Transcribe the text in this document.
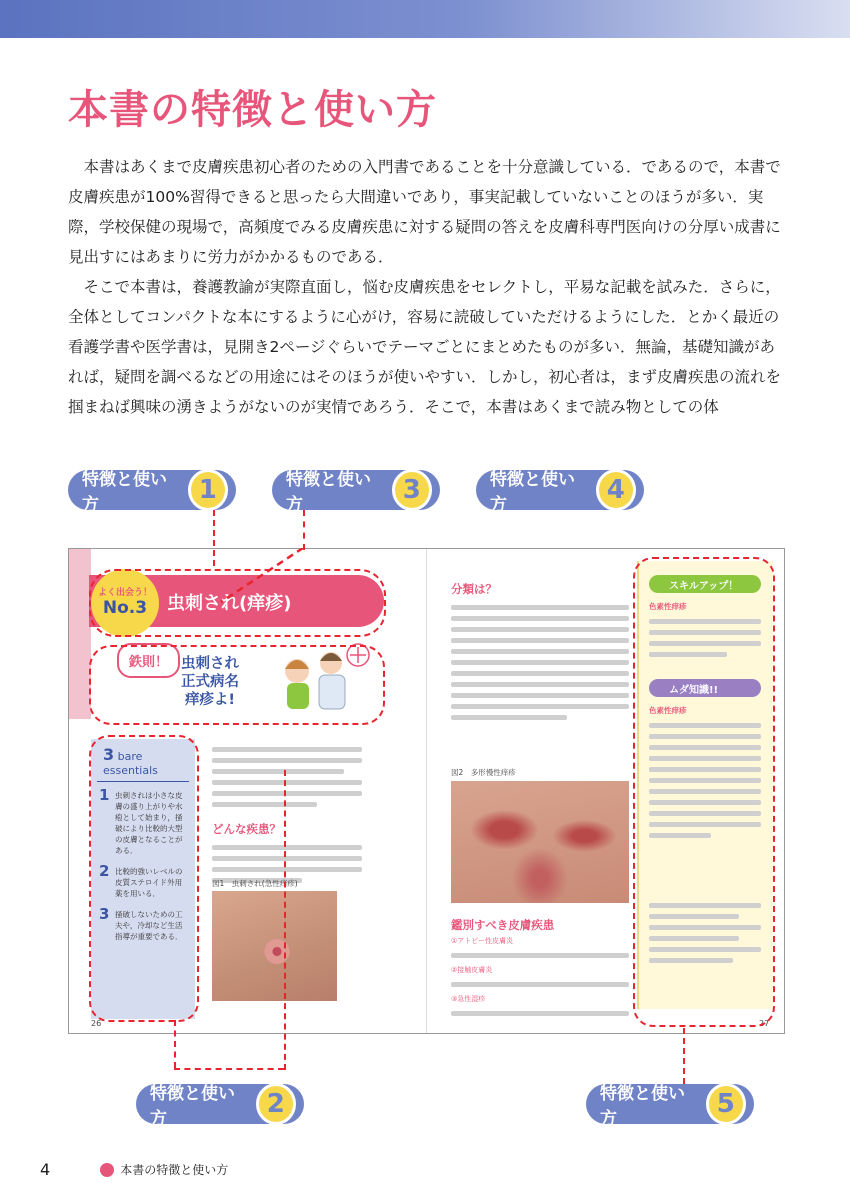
本書の特徴と使い方

本書はあくまで皮膚疾患初心者のための入門書であることを十分意識している．であるので，本書で皮膚疾患が100%習得できると思ったら大間違いであり，事実記載していないことのほうが多い．実際，学校保健の現場で，高頻度でみる皮膚疾患に対する疑問の答えを皮膚科専門医向けの分厚い成書に見出すにはあまりに労力がかかるものである．

そこで本書は，養護教諭が実際直面し，悩む皮膚疾患をセレクトし，平易な記載を試みた．さらに，全体としてコンパクトな本にするように心がけ，容易に読破していただけるようにした．とかく最近の看護学書や医学書は，見開き2ページぐらいでテーマごとにまとめたものが多い．無論，基礎知識があれば，疑問を調べるなどの用途にはそのほうが使いやすい．しかし，初心者は，まず皮膚疾患の流れを掴まねば興味の湧きようがないのが実情であろう．そこで，本書はあくまで読み物としての体

特徴と使い方	1	特徴と使い方	3	特徴と使い方	4
特徴と使い方	2	特徴と使い方	5
よく出会う！
No.3 虫刺され(痒疹)
鉄則！ 虫刺され
正式病名
痒疹よ!
3 bare essentials
1 虫刺されは小さな皮膚の盛り上がりや水疱として始まり，掻破により比較的大型の皮膚となることがある．
2 比較的強いレベルの皮質ステロイド外用薬を用いる．
3 掻破しないための工夫や，冷却など生活指導が重要である．
どんな疾患？
図1　虫刺され(急性痒疹)
26
分類は？
図2　多形慢性痒疹
鑑別すべき皮膚疾患
①アトピー性皮膚炎
②接触皮膚炎
③急性湿疹
スキルアップ！
色素性痒疹
ムダ知識!!
色素性痒疹
27
4	本書の特徴と使い方
